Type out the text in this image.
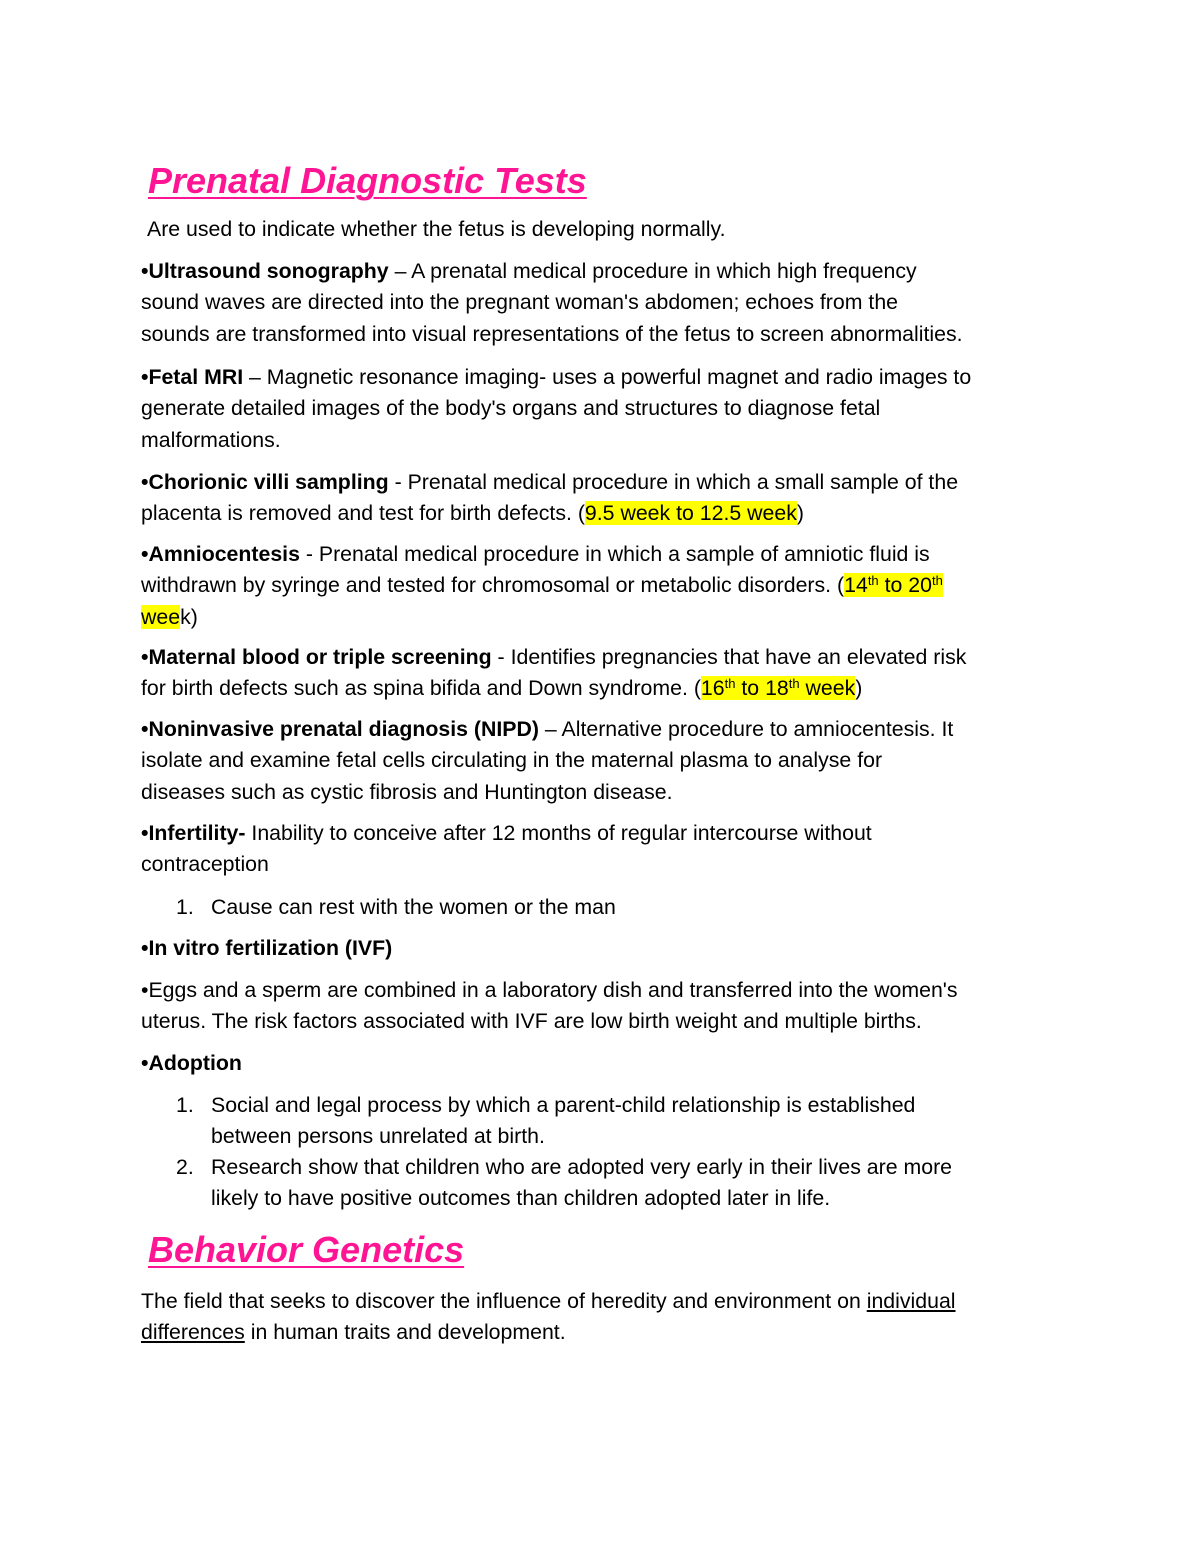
Prenatal Diagnostic Tests
Are used to indicate whether the fetus is developing normally.
•Ultrasound sonography – A prenatal medical procedure in which high frequency
sound waves are directed into the pregnant woman's abdomen; echoes from the
sounds are transformed into visual representations of the fetus to screen abnormalities.
•Fetal MRI – Magnetic resonance imaging- uses a powerful magnet and radio images to
generate detailed images of the body's organs and structures to diagnose fetal
malformations.
•Chorionic villi sampling - Prenatal medical procedure in which a small sample of the
placenta is removed and test for birth defects. (9.5 week to 12.5 week)
•Amniocentesis - Prenatal medical procedure in which a sample of amniotic fluid is
withdrawn by syringe and tested for chromosomal or metabolic disorders. (14th to 20th
week)
•Maternal blood or triple screening - Identifies pregnancies that have an elevated risk
for birth defects such as spina bifida and Down syndrome. (16th to 18th week)
•Noninvasive prenatal diagnosis (NIPD) – Alternative procedure to amniocentesis. It
isolate and examine fetal cells circulating in the maternal plasma to analyse for
diseases such as cystic fibrosis and Huntington disease.
•Infertility- Inability to conceive after 12 months of regular intercourse without
contraception
1. Cause can rest with the women or the man
•In vitro fertilization (IVF)
•Eggs and a sperm are combined in a laboratory dish and transferred into the women's
uterus. The risk factors associated with IVF are low birth weight and multiple births.
•Adoption
1. Social and legal process by which a parent-child relationship is established
between persons unrelated at birth.
2. Research show that children who are adopted very early in their lives are more
likely to have positive outcomes than children adopted later in life.
Behavior Genetics
The field that seeks to discover the influence of heredity and environment on individual
differences in human traits and development.
